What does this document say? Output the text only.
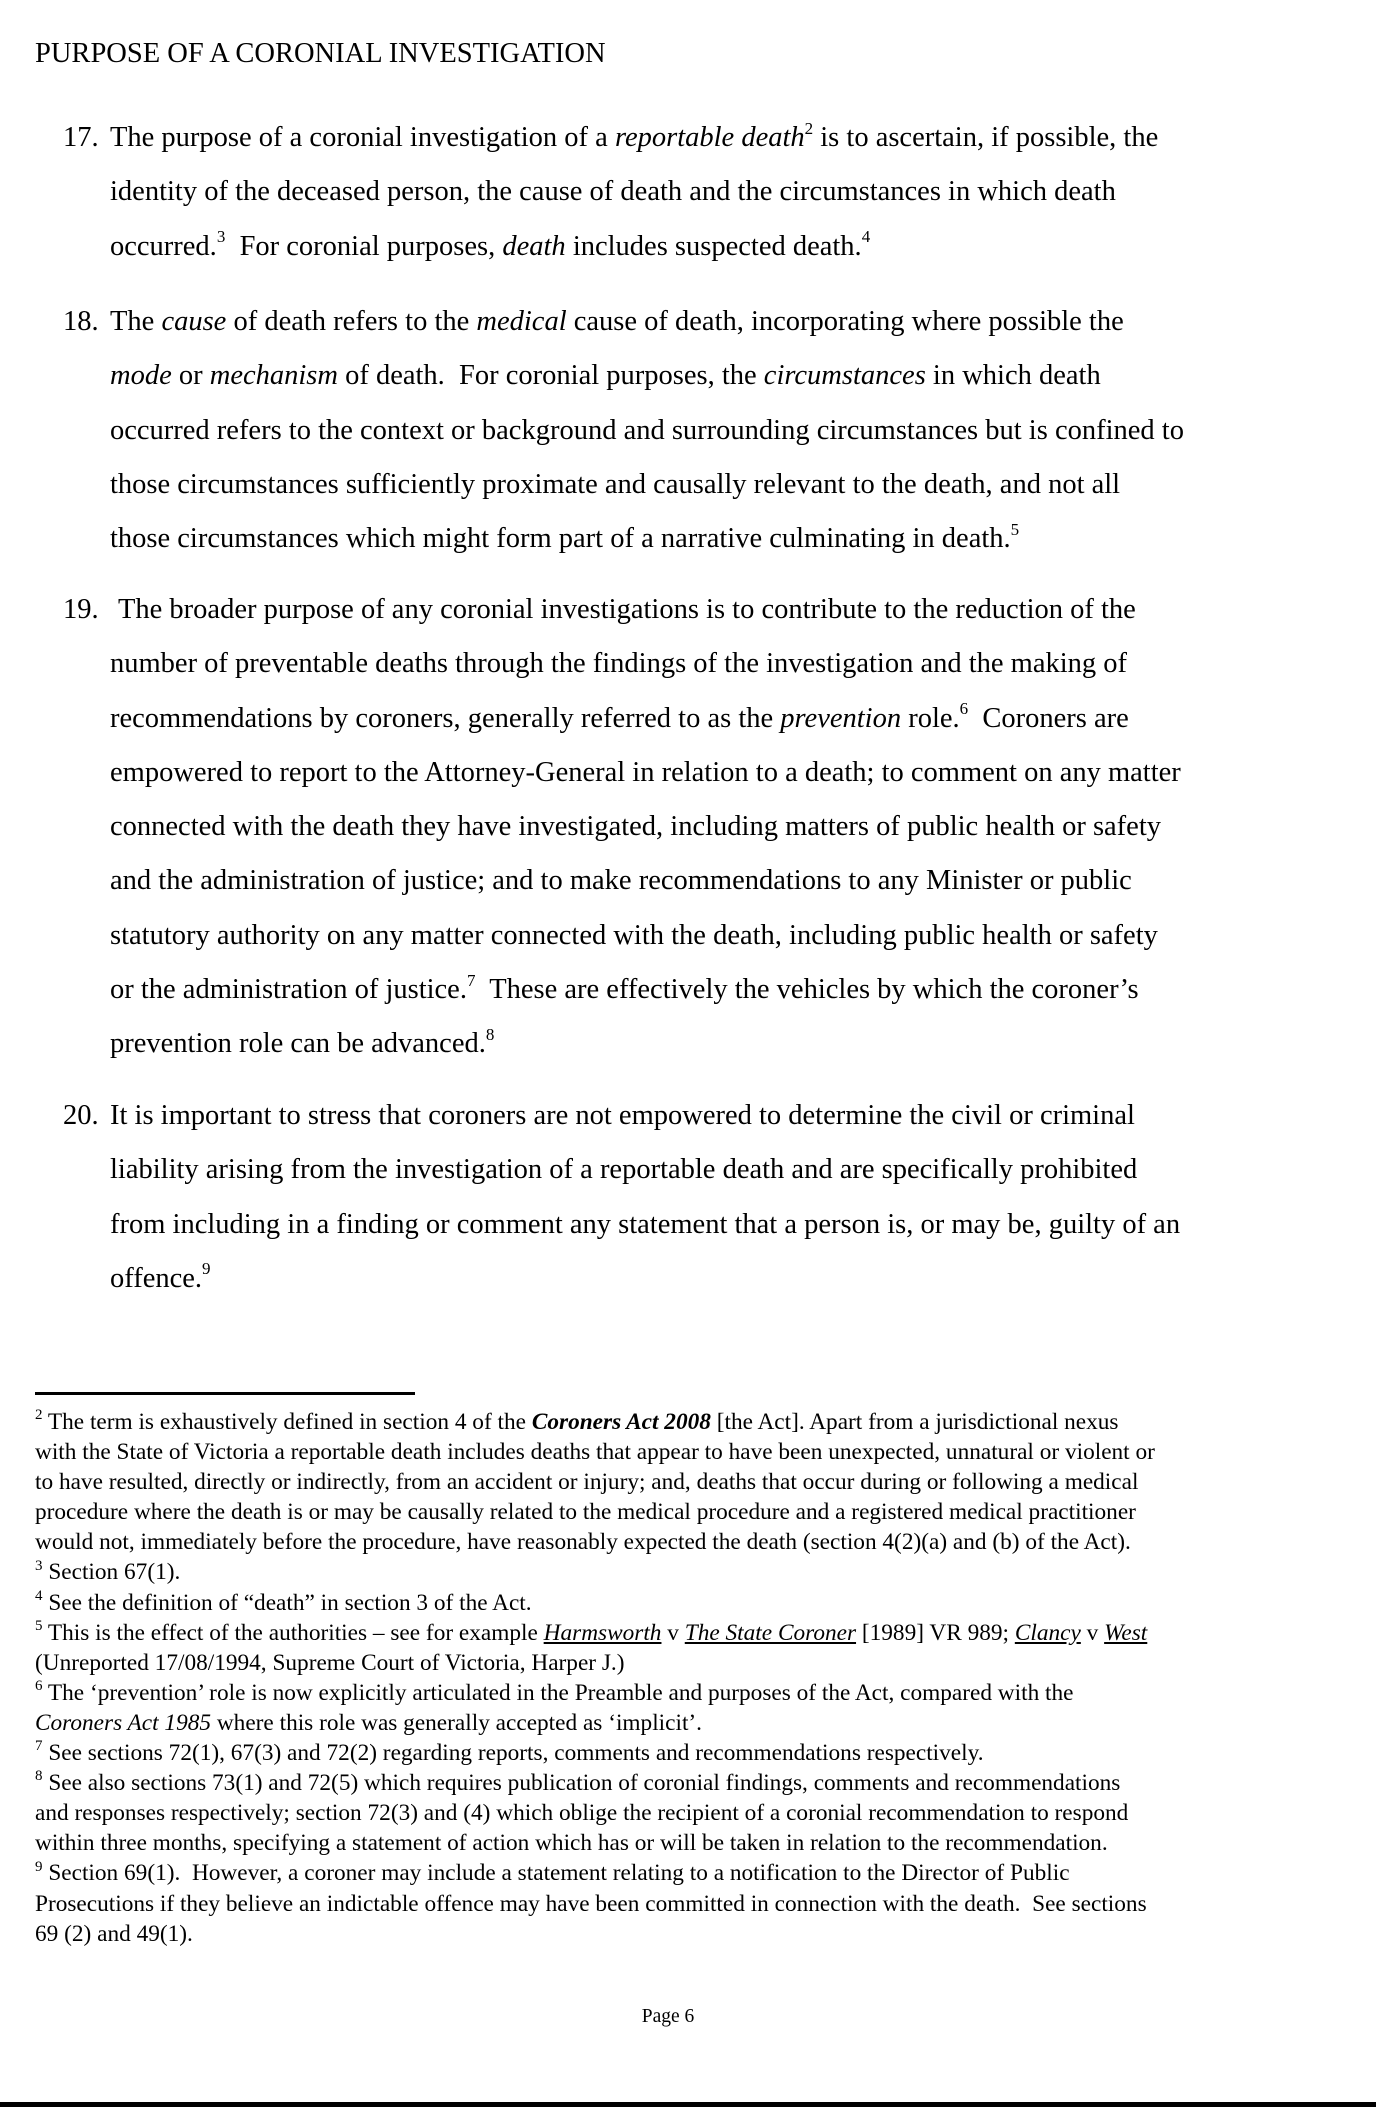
PURPOSE OF A CORONIAL INVESTIGATION
17. The purpose of a coronial investigation of a reportable death$^2$ is to ascertain, if possible, the
identity of the deceased person, the cause of death and the circumstances in which death
occurred.$^3$  For coronial purposes, death includes suspected death.$^4$
18. The cause of death refers to the medical cause of death, incorporating where possible the
mode or mechanism of death.  For coronial purposes, the circumstances in which death
occurred refers to the context or background and surrounding circumstances but is confined to
those circumstances sufficiently proximate and causally relevant to the death, and not all
those circumstances which might form part of a narrative culminating in death.$^5$
19. The broader purpose of any coronial investigations is to contribute to the reduction of the
number of preventable deaths through the findings of the investigation and the making of
recommendations by coroners, generally referred to as the prevention role.$^6$  Coroners are
empowered to report to the Attorney-General in relation to a death; to comment on any matter
connected with the death they have investigated, including matters of public health or safety
and the administration of justice; and to make recommendations to any Minister or public
statutory authority on any matter connected with the death, including public health or safety
or the administration of justice.$^7$  These are effectively the vehicles by which the coroner’s
prevention role can be advanced.$^8$
20. It is important to stress that coroners are not empowered to determine the civil or criminal
liability arising from the investigation of a reportable death and are specifically prohibited
from including in a finding or comment any statement that a person is, or may be, guilty of an
offence.$^9$
$^2$ The term is exhaustively defined in section 4 of the Coroners Act 2008 [the Act]. Apart from a jurisdictional nexus
with the State of Victoria a reportable death includes deaths that appear to have been unexpected, unnatural or violent or
to have resulted, directly or indirectly, from an accident or injury; and, deaths that occur during or following a medical
procedure where the death is or may be causally related to the medical procedure and a registered medical practitioner
would not, immediately before the procedure, have reasonably expected the death (section 4(2)(a) and (b) of the Act).
$^3$ Section 67(1).
$^4$ See the definition of “death” in section 3 of the Act.
$^5$ This is the effect of the authorities – see for example Harmsworth v The State Coroner [1989] VR 989; Clancy v West
(Unreported 17/08/1994, Supreme Court of Victoria, Harper J.)
$^6$ The ‘prevention’ role is now explicitly articulated in the Preamble and purposes of the Act, compared with the
Coroners Act 1985 where this role was generally accepted as ‘implicit’.
$^7$ See sections 72(1), 67(3) and 72(2) regarding reports, comments and recommendations respectively.
$^8$ See also sections 73(1) and 72(5) which requires publication of coronial findings, comments and recommendations
and responses respectively; section 72(3) and (4) which oblige the recipient of a coronial recommendation to respond
within three months, specifying a statement of action which has or will be taken in relation to the recommendation.
$^9$ Section 69(1).  However, a coroner may include a statement relating to a notification to the Director of Public
Prosecutions if they believe an indictable offence may have been committed in connection with the death.  See sections
69 (2) and 49(1).
Page 6
